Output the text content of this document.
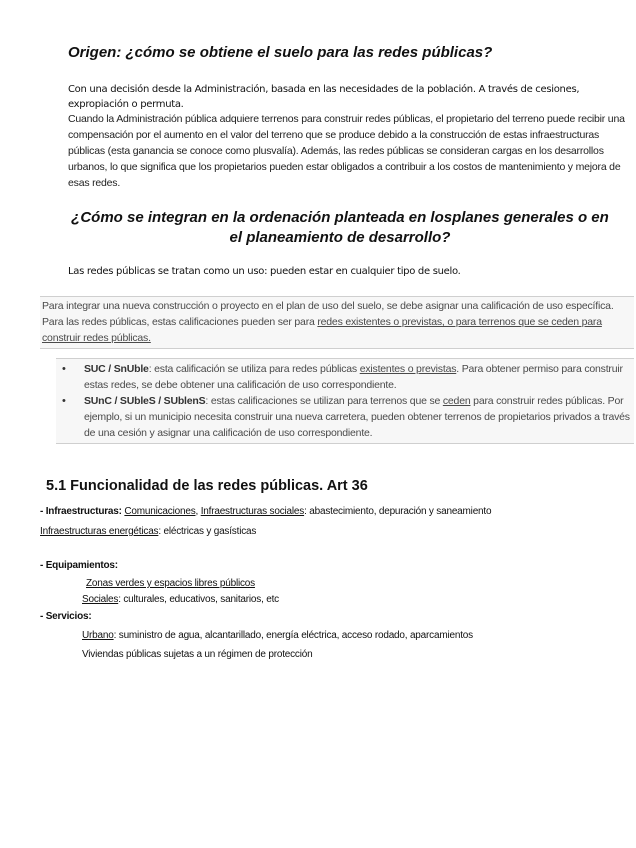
Origen: ¿cómo se obtiene el suelo para las redes públicas?
Con una decisión desde la Administración, basada en las necesidades de la población. A través de cesiones, expropiación o permuta.
Cuando la Administración pública adquiere terrenos para construir redes públicas, el propietario del terreno puede recibir una compensación por el aumento en el valor del terreno que se produce debido a la construcción de estas infraestructuras públicas (esta ganancia se conoce como plusvalía). Además, las redes públicas se consideran cargas en los desarrollos urbanos, lo que significa que los propietarios pueden estar obligados a contribuir a los costos de mantenimiento y mejora de esas redes.
¿Cómo se integran en la ordenación planteada en losplanes generales o en el planeamiento de desarrollo?
Las redes públicas se tratan como un uso: pueden estar en cualquier tipo de suelo.
Para integrar una nueva construcción o proyecto en el plan de uso del suelo, se debe asignar una calificación de uso específica. Para las redes públicas, estas calificaciones pueden ser para redes existentes o previstas, o para terrenos que se ceden para construir redes públicas.
• SUC / SnUble: esta calificación se utiliza para redes públicas existentes o previstas. Para obtener permiso para construir estas redes, se debe obtener una calificación de uso correspondiente.
• SUnC / SUbleS / SUblenS: estas calificaciones se utilizan para terrenos que se ceden para construir redes públicas. Por ejemplo, si un municipio necesita construir una nueva carretera, pueden obtener terrenos de propietarios privados a través de una cesión y asignar una calificación de uso correspondiente.
5.1 Funcionalidad de las redes públicas. Art 36
- Infraestructuras: Comunicaciones, Infraestructuras sociales: abastecimiento, depuración y saneamiento
Infraestructuras energéticas: eléctricas y gasísticas
- Equipamientos:
Zonas verdes y espacios libres públicos
Sociales: culturales, educativos, sanitarios, etc
- Servicios:
Urbano: suministro de agua, alcantarillado, energía eléctrica, acceso rodado, aparcamientos
Viviendas públicas sujetas a un régimen de protección
